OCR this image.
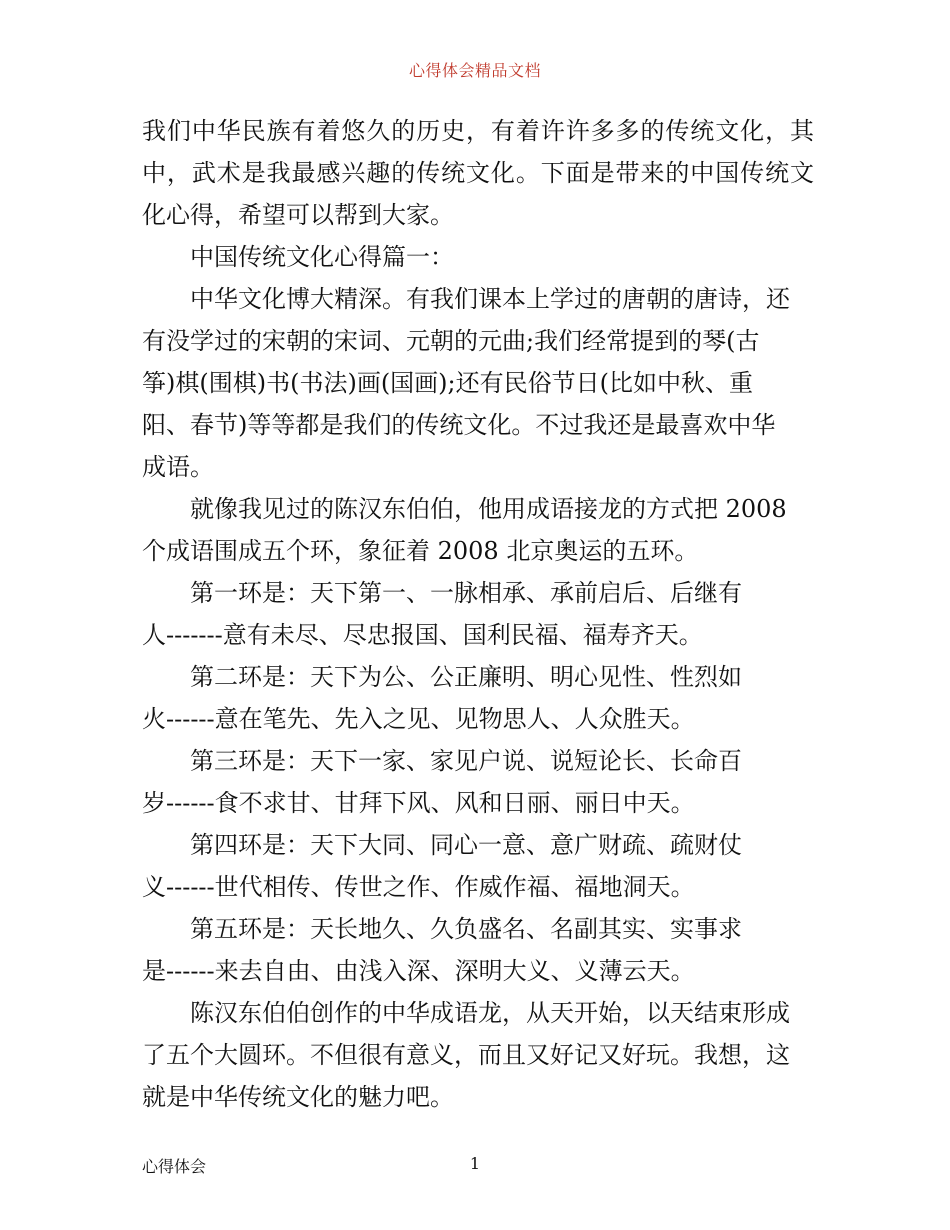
心得体会精品文档
我们中华民族有着悠久的历史，有着许许多多的传统文化，其
中，武术是我最感兴趣的传统文化。下面是带来的中国传统文
化心得，希望可以帮到大家。
中国传统文化心得篇一：
中华文化博大精深。有我们课本上学过的唐朝的唐诗，还
有没学过的宋朝的宋词、元朝的元曲;我们经常提到的琴(古
筝)棋(围棋)书(书法)画(国画);还有民俗节日(比如中秋、重
阳、春节)等等都是我们的传统文化。不过我还是最喜欢中华
成语。
就像我见过的陈汉东伯伯，他用成语接龙的方式把 2008
个成语围成五个环，象征着 2008 北京奥运的五环。
第一环是：天下第一、一脉相承、承前启后、后继有
人-------意有未尽、尽忠报国、国利民福、福寿齐天。
第二环是：天下为公、公正廉明、明心见性、性烈如
火------意在笔先、先入之见、见物思人、人众胜天。
第三环是：天下一家、家见户说、说短论长、长命百
岁------食不求甘、甘拜下风、风和日丽、丽日中天。
第四环是：天下大同、同心一意、意广财疏、疏财仗
义------世代相传、传世之作、作威作福、福地洞天。
第五环是：天长地久、久负盛名、名副其实、实事求
是------来去自由、由浅入深、深明大义、义薄云天。
陈汉东伯伯创作的中华成语龙，从天开始，以天结束形成
了五个大圆环。不但很有意义，而且又好记又好玩。我想，这
就是中华传统文化的魅力吧。
心得体会	1
